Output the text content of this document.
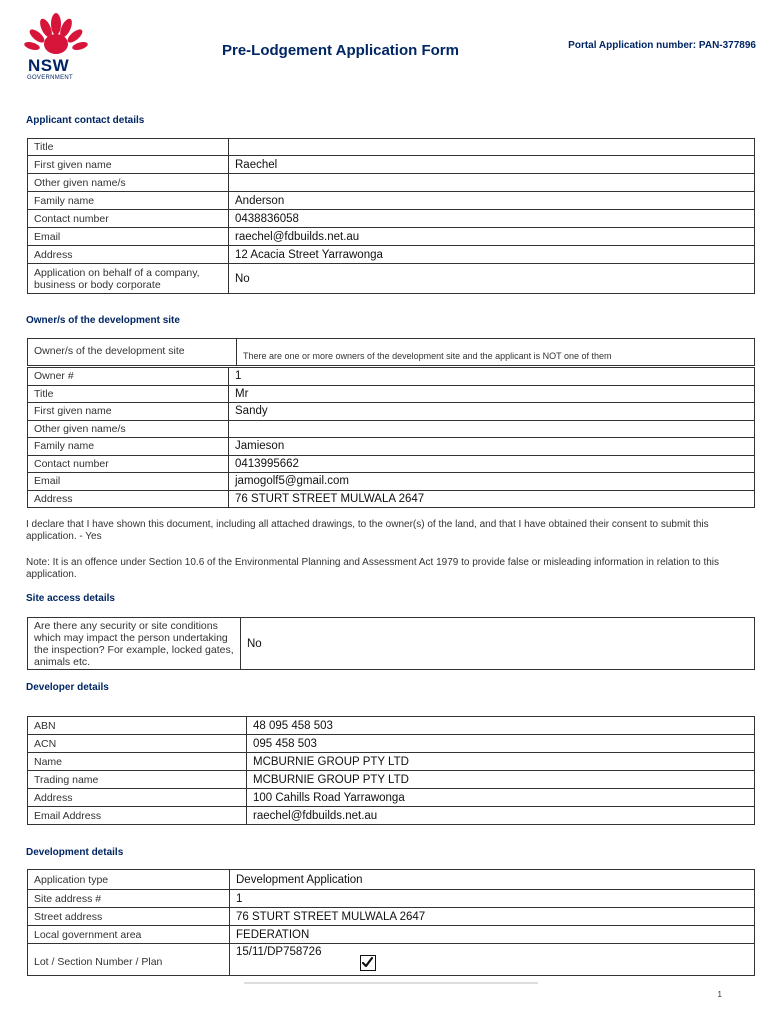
NSW
GOVERNMENT
Pre-Lodgement Application Form	Portal Application number: PAN-377896
Applicant contact details
Title	
First given name	Raechel
Other given name/s	
Family name	Anderson
Contact number	0438836058
Email	raechel@fdbuilds.net.au
Address	12 Acacia Street Yarrawonga
Application on behalf of a company, business or body corporate	No
Owner/s of the development site
Owner/s of the development site	There are one or more owners of the development site and the applicant is NOT one of them
Owner #	1
Title	Mr
First given name	Sandy
Other given name/s	
Family name	Jamieson
Contact number	0413995662
Email	jamogolf5@gmail.com
Address	76 STURT STREET MULWALA 2647
I declare that I have shown this document, including all attached drawings, to the owner(s) of the land, and that I have obtained their consent to submit this application. - Yes
Note: It is an offence under Section 10.6 of the Environmental Planning and Assessment Act 1979 to provide false or misleading information in relation to this application.
Site access details
Are there any security or site conditions which may impact the person undertaking the inspection? For example, locked gates, animals etc.	No
Developer details
ABN	48 095 458 503
ACN	095 458 503
Name	MCBURNIE GROUP PTY LTD
Trading name	MCBURNIE GROUP PTY LTD
Address	100 Cahills Road Yarrawonga
Email Address	raechel@fdbuilds.net.au
Development details
Application type	Development Application
Site address #	1
Street address	76 STURT STREET MULWALA 2647
Local government area	FEDERATION
Lot / Section Number / Plan	15/11/DP758726
1
